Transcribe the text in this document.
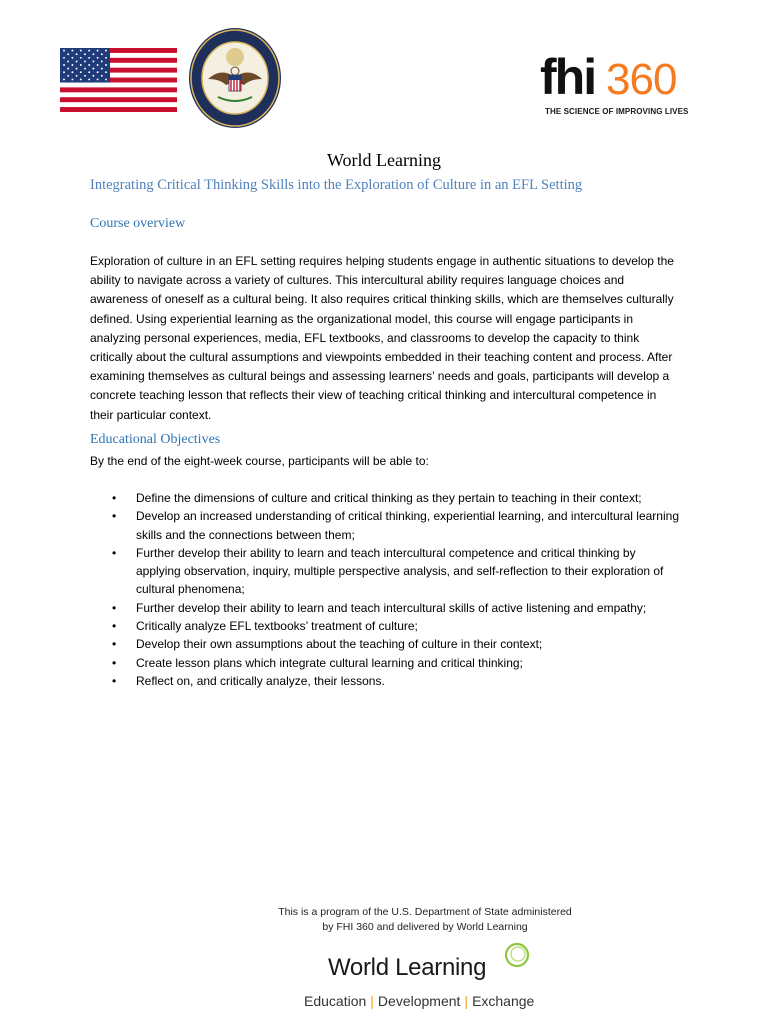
fhi 360
THE SCIENCE OF IMPROVING LIVES
World Learning
Integrating Critical Thinking Skills into the Exploration of Culture in an EFL Setting
Course overview

Exploration of culture in an EFL setting requires helping students engage in authentic situations to develop the ability to navigate across a variety of cultures. This intercultural ability requires language choices and awareness of oneself as a cultural being. It also requires critical thinking skills, which are themselves culturally defined. Using experiential learning as the organizational model, this course will engage participants in analyzing personal experiences, media, EFL textbooks, and classrooms to develop the capacity to think critically about the cultural assumptions and viewpoints embedded in their teaching content and process. After examining themselves as cultural beings and assessing learners’ needs and goals, participants will develop a concrete teaching lesson that reflects their view of teaching critical thinking and intercultural competence in their particular context.

Educational Objectives
By the end of the eight-week course, participants will be able to:
• Define the dimensions of culture and critical thinking as they pertain to teaching in their context;
• Develop an increased understanding of critical thinking, experiential learning, and intercultural learning skills and the connections between them;
• Further develop their ability to learn and teach intercultural competence and critical thinking by applying observation, inquiry, multiple perspective analysis, and self-reflection to their exploration of cultural phenomena;
• Further develop their ability to learn and teach intercultural skills of active listening and empathy;
• Critically analyze EFL textbooks’ treatment of culture;
• Develop their own assumptions about the teaching of culture in their context;
• Create lesson plans which integrate cultural learning and critical thinking;
• Reflect on, and critically analyze, their lessons.
This is a program of the U.S. Department of State administered
by FHI 360 and delivered by World Learning
World Learning
Education | Development | Exchange
